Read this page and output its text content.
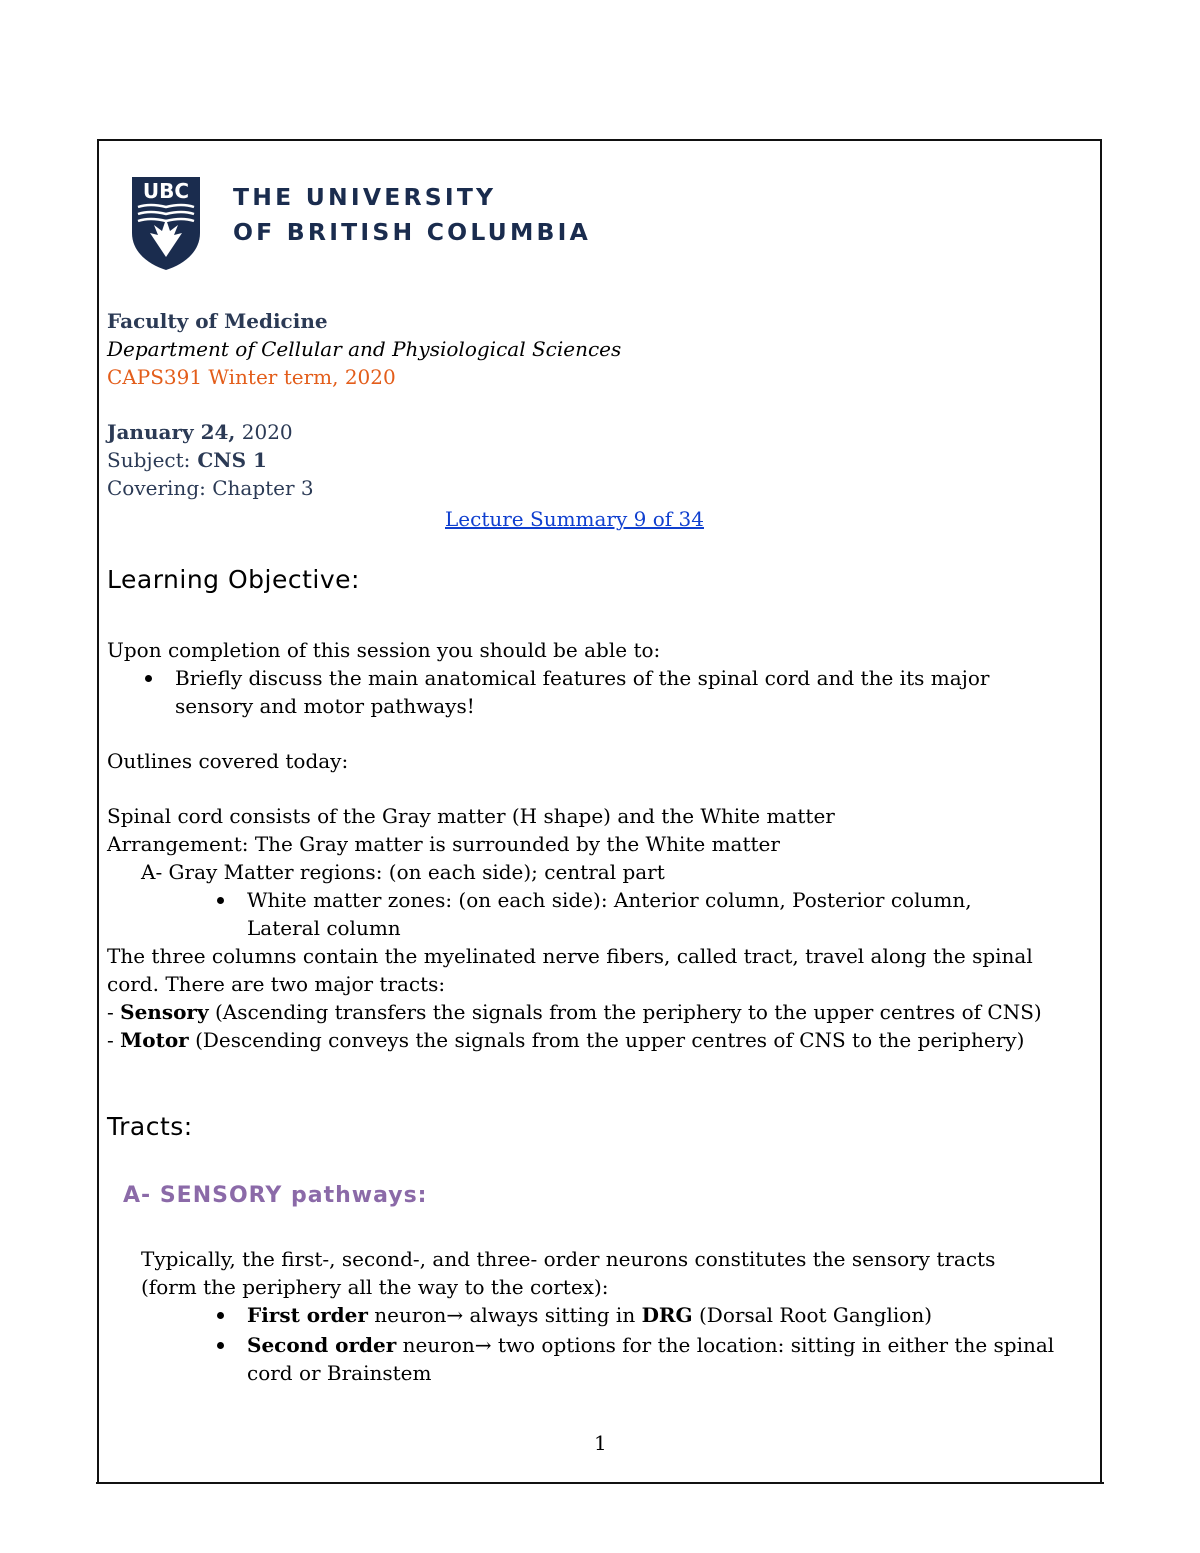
UBC THE UNIVERSITY
OF BRITISH COLUMBIA
Faculty of Medicine
Department of Cellular and Physiological Sciences
CAPS391 Winter term, 2020
January 24, 2020
Subject: CNS 1
Covering: Chapter 3
Lecture Summary 9 of 34
Learning Objective:
Upon completion of this session you should be able to:
Briefly discuss the main anatomical features of the spinal cord and the its major
sensory and motor pathways!
Outlines covered today:
Spinal cord consists of the Gray matter (H shape) and the White matter
Arrangement: The Gray matter is surrounded by the White matter
A- Gray Matter regions: (on each side); central part
White matter zones: (on each side): Anterior column, Posterior column,
Lateral column
The three columns contain the myelinated nerve fibers, called tract, travel along the spinal
cord. There are two major tracts:
- Sensory (Ascending transfers the signals from the periphery to the upper centres of CNS)
- Motor (Descending conveys the signals from the upper centres of CNS to the periphery)
Tracts:
A- SENSORY pathways:
Typically, the first-, second-, and three- order neurons constitutes the sensory tracts
(form the periphery all the way to the cortex):
First order neuron→ always sitting in DRG (Dorsal Root Ganglion)
Second order neuron→ two options for the location: sitting in either the spinal
cord or Brainstem
1
